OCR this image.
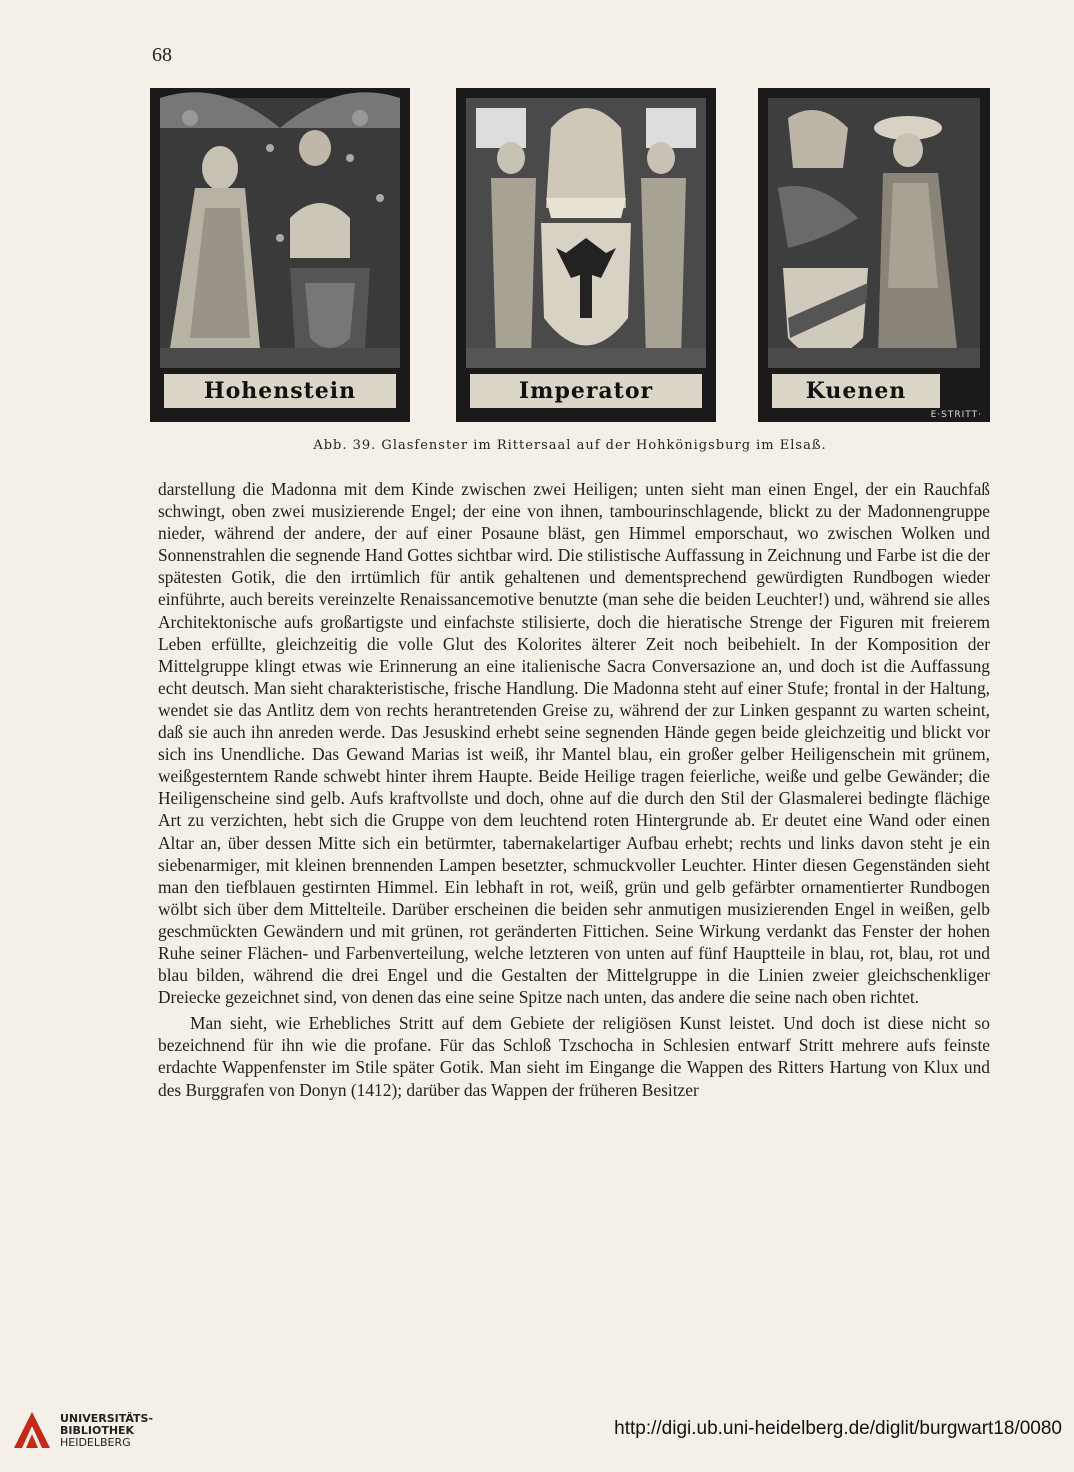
68
Hohenstein	Imperator	Kuenen
E·STRITT·
Abb. 39. Glasfenster im Rittersaal auf der Hohkönigsburg im Elsaß.

darstellung die Madonna mit dem Kinde zwischen zwei Heiligen; unten sieht man einen Engel, der ein Rauchfaß schwingt, oben zwei musizierende Engel; der eine von ihnen, tambourinschlagende, blickt zu der Madonnengruppe nieder, während der andere, der auf einer Posaune bläst, gen Himmel emporschaut, wo zwischen Wolken und Sonnenstrahlen die segnende Hand Gottes sichtbar wird. Die stilistische Auffassung in Zeichnung und Farbe ist die der spätesten Gotik, die den irrtümlich für antik gehaltenen und dementsprechend gewürdigten Rundbogen wieder einführte, auch bereits vereinzelte Renaissancemotive benutzte (man sehe die beiden Leuchter!) und, während sie alles Architektonische aufs großartigste und einfachste stilisierte, doch die hieratische Strenge der Figuren mit freierem Leben erfüllte, gleichzeitig die volle Glut des Kolorites älterer Zeit noch beibehielt. In der Komposition der Mittelgruppe klingt etwas wie Erinnerung an eine italienische Sacra Conversazione an, und doch ist die Auffassung echt deutsch. Man sieht charakteristische, frische Handlung. Die Madonna steht auf einer Stufe; frontal in der Haltung, wendet sie das Antlitz dem von rechts herantretenden Greise zu, während der zur Linken gespannt zu warten scheint, daß sie auch ihn anreden werde. Das Jesuskind erhebt seine segnenden Hände gegen beide gleichzeitig und blickt vor sich ins Unendliche. Das Gewand Marias ist weiß, ihr Mantel blau, ein großer gelber Heiligenschein mit grünem, weißgesterntem Rande schwebt hinter ihrem Haupte. Beide Heilige tragen feierliche, weiße und gelbe Gewänder; die Heiligenscheine sind gelb. Aufs kraftvollste und doch, ohne auf die durch den Stil der Glasmalerei bedingte flächige Art zu verzichten, hebt sich die Gruppe von dem leuchtend roten Hintergrunde ab. Er deutet eine Wand oder einen Altar an, über dessen Mitte sich ein betürmter, tabernakelartiger Aufbau erhebt; rechts und links davon steht je ein siebenarmiger, mit kleinen brennenden Lampen besetzter, schmuckvoller Leuchter. Hinter diesen Gegenständen sieht man den tiefblauen gestirnten Himmel. Ein lebhaft in rot, weiß, grün und gelb gefärbter ornamentierter Rundbogen wölbt sich über dem Mittelteile. Darüber erscheinen die beiden sehr anmutigen musizierenden Engel in weißen, gelb geschmückten Gewändern und mit grünen, rot geränderten Fittichen. Seine Wirkung verdankt das Fenster der hohen Ruhe seiner Flächen- und Farbenverteilung, welche letzteren von unten auf fünf Hauptteile in blau, rot, blau, rot und blau bilden, während die drei Engel und die Gestalten der Mittelgruppe in die Linien zweier gleichschenkliger Dreiecke gezeichnet sind, von denen das eine seine Spitze nach unten, das andere die seine nach oben richtet.

Man sieht, wie Erhebliches Stritt auf dem Gebiete der religiösen Kunst leistet. Und doch ist diese nicht so bezeichnend für ihn wie die profane. Für das Schloß Tzschocha in Schlesien entwarf Stritt mehrere aufs feinste erdachte Wappenfenster im Stile später Gotik. Man sieht im Eingange die Wappen des Ritters Hartung von Klux und des Burggrafen von Donyn (1412); darüber das Wappen der früheren Besitzer

UNIVERSITÄTS-
BIBLIOTHEK
HEIDELBERG
http://digi.ub.uni-heidelberg.de/diglit/burgwart18/0080
